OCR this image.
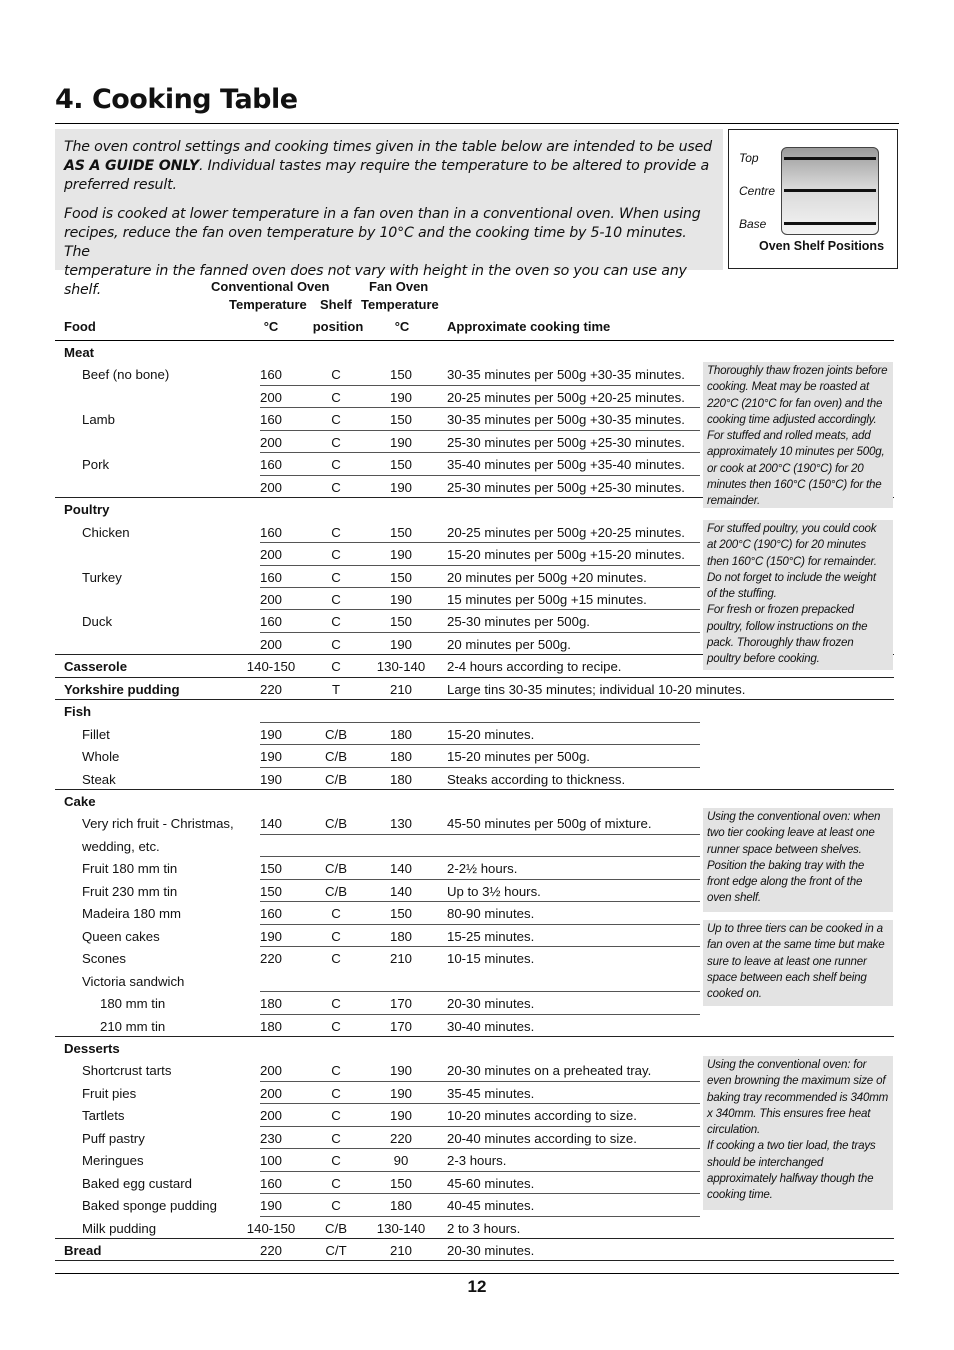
4. Cooking Table
The oven control settings and cooking times given in the table below are intended to be used
AS A GUIDE ONLY. Individual tastes may require the temperature to be altered to provide a
preferred result.
Food is cooked at lower temperature in a fan oven than in a conventional oven. When using
recipes, reduce the fan oven temperature by 10°C and the cooking time by 5-10 minutes. The
temperature in the fanned oven does not vary with height in the oven so you can use any shelf.
Top
Centre
Base
Oven Shelf Positions
Conventional Oven	Fan Oven
Temperature Shelf Temperature
Food	°C	position	°C	Approximate cooking time
Meat
Beef (no bone)	160	C	150	30-35 minutes per 500g +30-35 minutes.
200	C	190	20-25 minutes per 500g +20-25 minutes.
Lamb	160	C	150	30-35 minutes per 500g +30-35 minutes.
200	C	190	25-30 minutes per 500g +25-30 minutes.
Pork	160	C	150	35-40 minutes per 500g +35-40 minutes.
200	C	190	25-30 minutes per 500g +25-30 minutes.
Poultry
Chicken	160	C	150	20-25 minutes per 500g +20-25 minutes.
200	C	190	15-20 minutes per 500g +15-20 minutes.
Turkey	160	C	150	20 minutes per 500g +20 minutes.
200	C	190	15 minutes per 500g +15 minutes.
Duck	160	C	150	25-30 minutes per 500g.
200	C	190	20 minutes per 500g.
Casserole	140-150	C	130-140	2-4 hours according to recipe.
Yorkshire pudding	220	T	210	Large tins 30-35 minutes; individual 10-20 minutes.
Fish
Fillet	190	C/B	180	15-20 minutes.
Whole	190	C/B	180	15-20 minutes per 500g.
Steak	190	C/B	180	Steaks according to thickness.
Cake
Very rich fruit - Christmas,	140	C/B	130	45-50 minutes per 500g of mixture.
wedding, etc.
Fruit 180 mm tin	150	C/B	140	2-2½ hours.
Fruit 230 mm tin	150	C/B	140	Up to 3½ hours.
Madeira 180 mm	160	C	150	80-90 minutes.
Queen cakes	190	C	180	15-25 minutes.
Scones	220	C	210	10-15 minutes.
Victoria sandwich
180 mm tin	180	C	170	20-30 minutes.
210 mm tin	180	C	170	30-40 minutes.
Desserts
Shortcrust tarts	200	C	190	20-30 minutes on a preheated tray.
Fruit pies	200	C	190	35-45 minutes.
Tartlets	200	C	190	10-20 minutes according to size.
Puff pastry	230	C	220	20-40 minutes according to size.
Meringues	100	C	90	2-3 hours.
Baked egg custard	160	C	150	45-60 minutes.
Baked sponge pudding	190	C	180	40-45 minutes.
Milk pudding	140-150	C/B	130-140	2 to 3 hours.
Bread	220	C/T	210	20-30 minutes.
Thoroughly thaw frozen joints before
cooking. Meat may be roasted at
220°C (210°C for fan oven) and the
cooking time adjusted accordingly.
For stuffed and rolled meats, add
approximately 10 minutes per 500g,
or cook at 200°C (190°C) for 20
minutes then 160°C (150°C) for the
remainder.
For stuffed poultry, you could cook
at 200°C (190°C) for 20 minutes
then 160°C (150°C) for remainder.
Do not forget to include the weight
of the stuffing.
For fresh or frozen prepacked
poultry, follow instructions on the
pack. Thoroughly thaw frozen
poultry before cooking.
Using the conventional oven: when
two tier cooking leave at least one
runner space between shelves.
Position the baking tray with the
front edge along the front of the
oven shelf.
Up to three tiers can be cooked in a
fan oven at the same time but make
sure to leave at least one runner
space between each shelf being
cooked on.
Using the conventional oven: for
even browning the maximum size of
baking tray recommended is 340mm
x 340mm. This ensures free heat
circulation.
If cooking a two tier load, the trays
should be interchanged
approximately halfway though the
cooking time.
12
